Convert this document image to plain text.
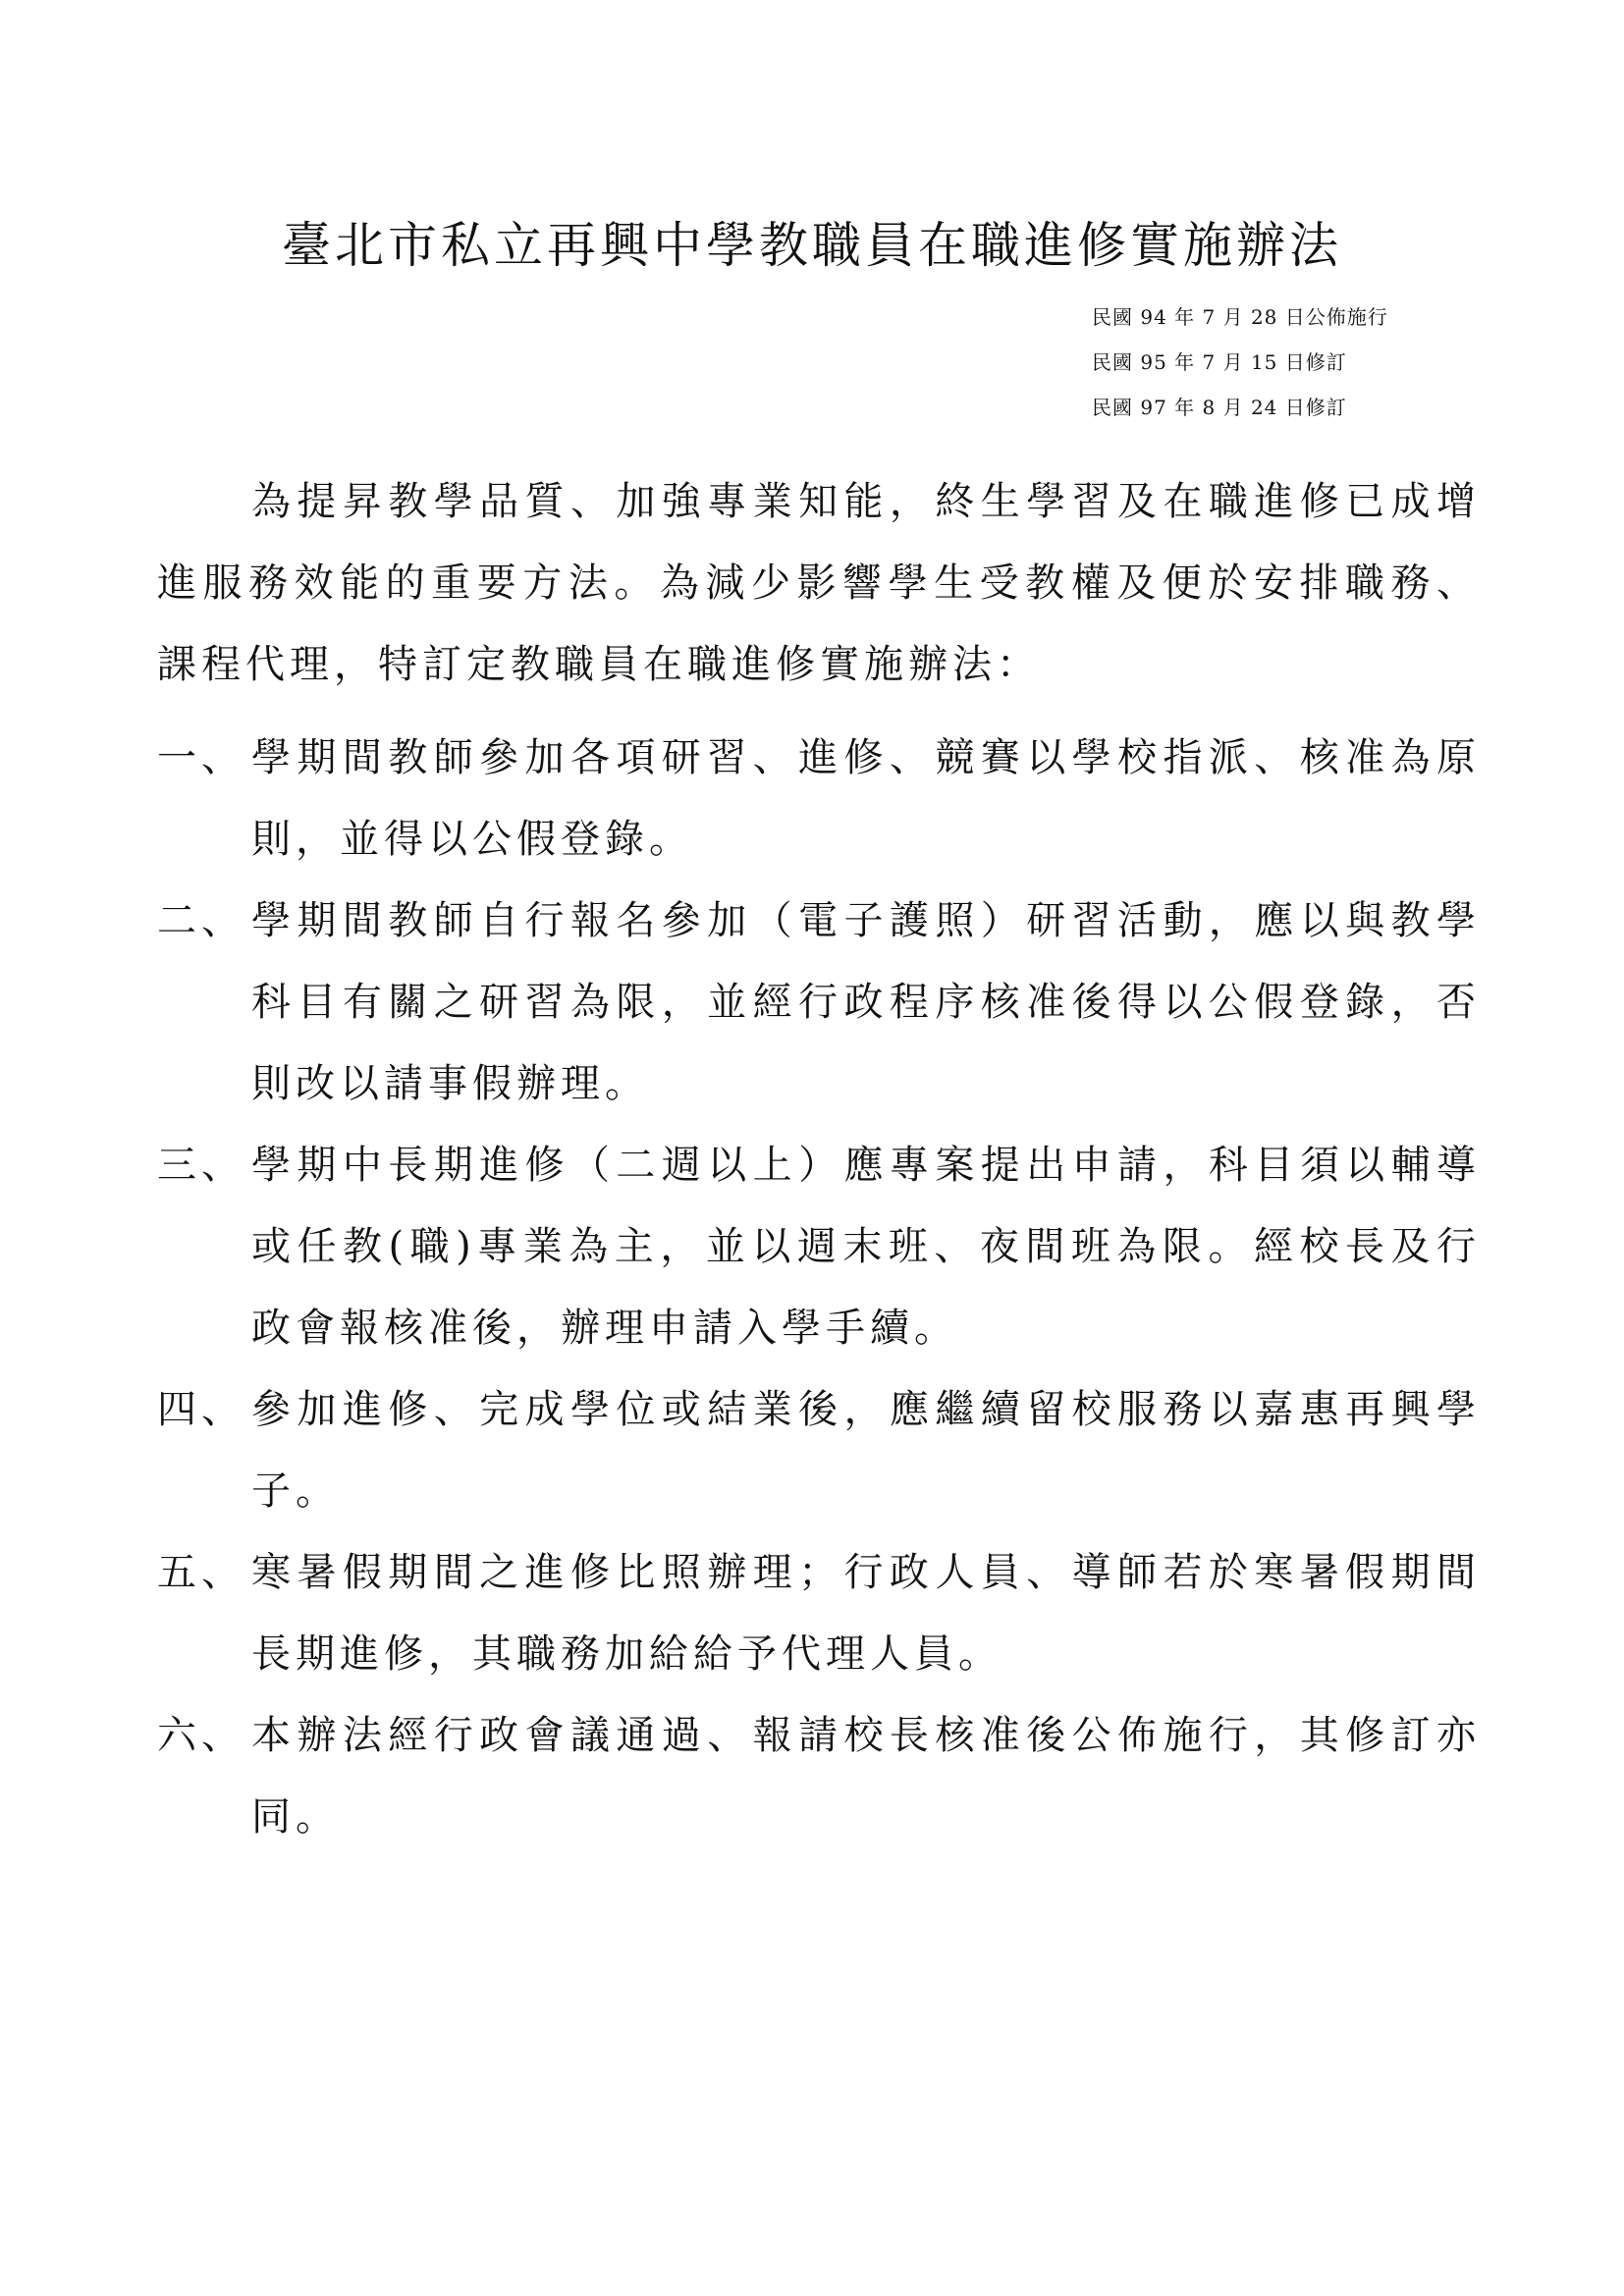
臺北市私立再興中學教職員在職進修實施辦法
民國 94 年 7 月 28 日公佈施行
民國 95 年 7 月 15 日修訂
民國 97 年 8 月 24 日修訂

為提昇教學品質、加強專業知能，終生學習及在職進修已成增進服務效能的重要方法。為減少影響學生受教權及便於安排職務、課程代理，特訂定教職員在職進修實施辦法：

一、 學期間教師參加各項研習、進修、競賽以學校指派、核准為原則，並得以公假登錄。
二、 學期間教師自行報名參加（電子護照）研習活動，應以與教學科目有關之研習為限，並經行政程序核准後得以公假登錄，否則改以請事假辦理。
三、 學期中長期進修（二週以上）應專案提出申請，科目須以輔導或任教(職)專業為主，並以週末班、夜間班為限。經校長及行政會報核准後，辦理申請入學手續。
四、 參加進修、完成學位或結業後，應繼續留校服務以嘉惠再興學子。
五、 寒暑假期間之進修比照辦理；行政人員、導師若於寒暑假期間長期進修，其職務加給給予代理人員。
六、 本辦法經行政會議通過、報請校長核准後公佈施行，其修訂亦同。
